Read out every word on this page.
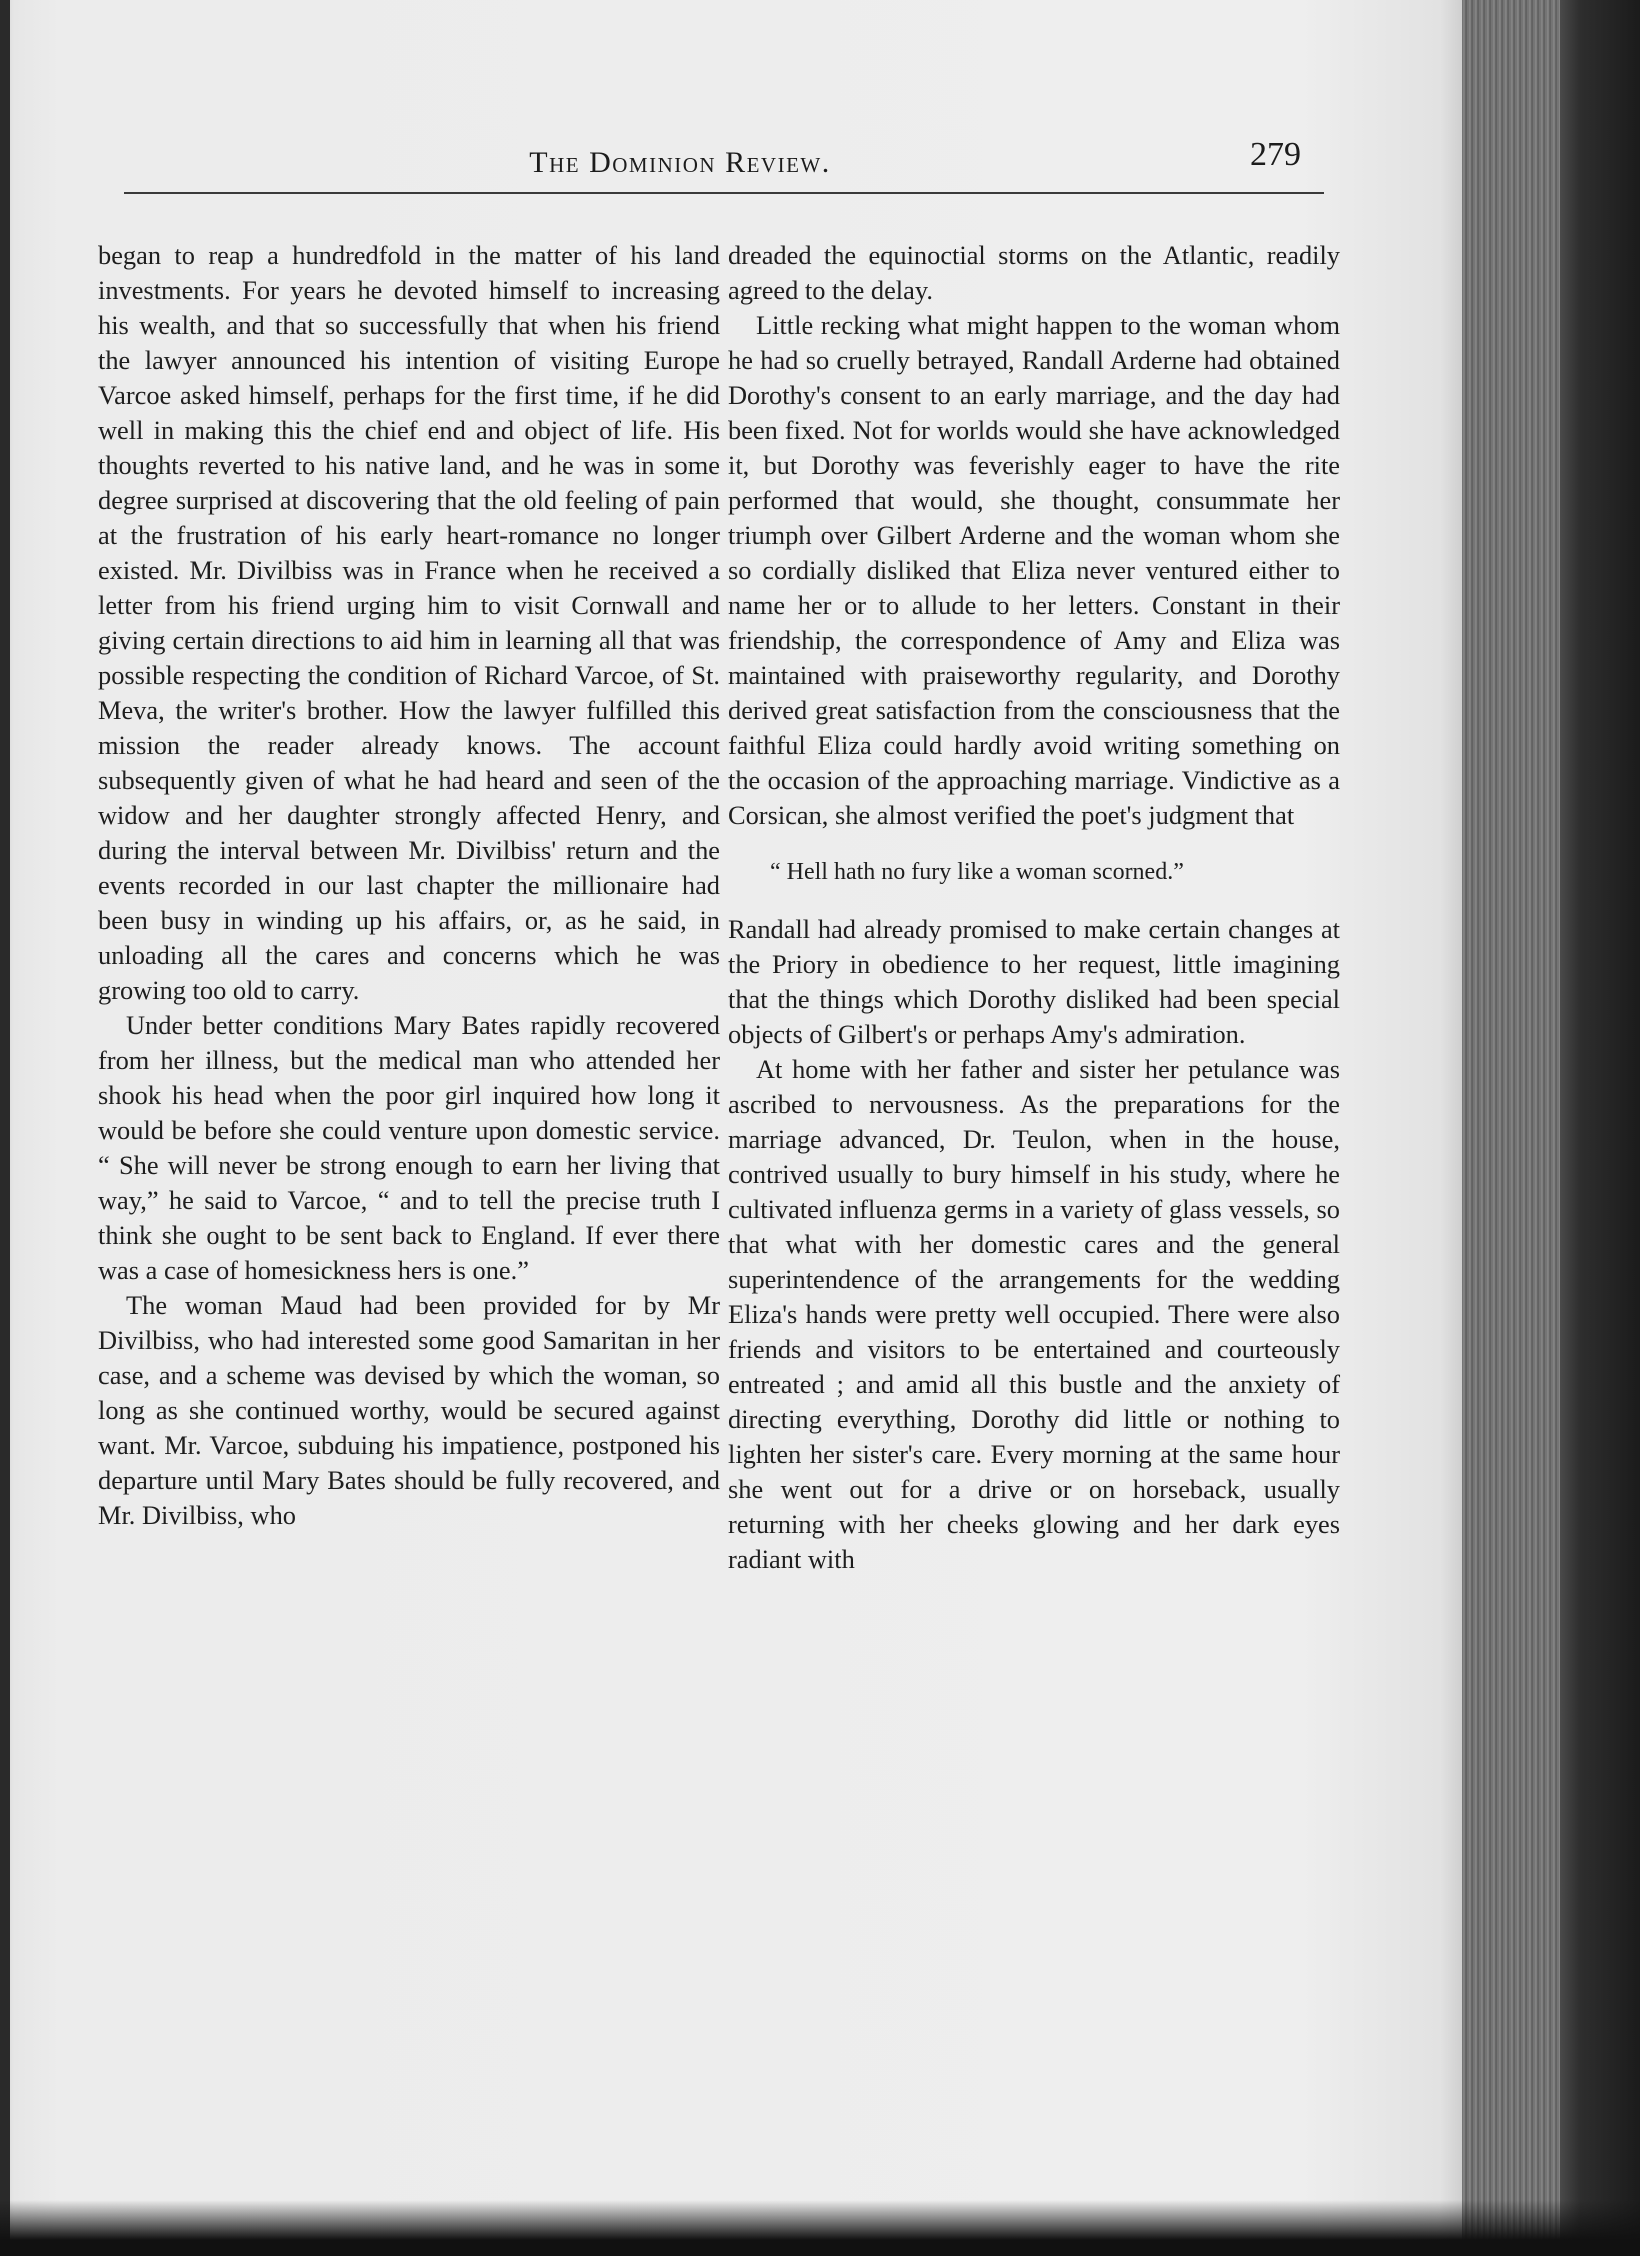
The Dominion Review.	279

began to reap a hundredfold in the matter of his land investments. For years he devoted himself to increasing his wealth, and that so successfully that when his friend the lawyer announced his intention of visiting Europe Varcoe asked himself, perhaps for the first time, if he did well in making this the chief end and object of life. His thoughts reverted to his native land, and he was in some degree surprised at discovering that the old feeling of pain at the frustration of his early heart-romance no longer existed. Mr. Divilbiss was in France when he received a letter from his friend urging him to visit Cornwall and giving certain directions to aid him in learning all that was possible respecting the condition of Richard Varcoe, of St. Meva, the writer's brother. How the lawyer fulfilled this mission the reader already knows. The account subsequently given of what he had heard and seen of the widow and her daughter strongly affected Henry, and during the interval between Mr. Divilbiss' return and the events recorded in our last chapter the millionaire had been busy in winding up his affairs, or, as he said, in unloading all the cares and concerns which he was growing too old to carry.

Under better conditions Mary Bates rapidly recovered from her illness, but the medical man who attended her shook his head when the poor girl inquired how long it would be before she could venture upon domestic service. “ She will never be strong enough to earn her living that way,” he said to Varcoe, “ and to tell the precise truth I think she ought to be sent back to England. If ever there was a case of homesickness hers is one.”

The woman Maud had been provided for by Mr Divilbiss, who had interested some good Samaritan in her case, and a scheme was devised by which the woman, so long as she continued worthy, would be secured against want. Mr. Varcoe, subduing his impatience, postponed his departure until Mary Bates should be fully recovered, and Mr. Divilbiss, who

dreaded the equinoctial storms on the Atlantic, readily agreed to the delay.

Little recking what might happen to the woman whom he had so cruelly betrayed, Randall Arderne had obtained Dorothy's consent to an early marriage, and the day had been fixed. Not for worlds would she have acknowledged it, but Dorothy was feverishly eager to have the rite performed that would, she thought, consummate her triumph over Gilbert Arderne and the woman whom she so cordially disliked that Eliza never ventured either to name her or to allude to her letters. Constant in their friendship, the correspondence of Amy and Eliza was maintained with praiseworthy regularity, and Dorothy derived great satisfaction from the consciousness that the faithful Eliza could hardly avoid writing something on the occasion of the approaching marriage. Vindictive as a Corsican, she almost verified the poet's judgment that

“ Hell hath no fury like a woman scorned.”

Randall had already promised to make certain changes at the Priory in obedience to her request, little imagining that the things which Dorothy disliked had been special objects of Gilbert's or perhaps Amy's admiration.

At home with her father and sister her petulance was ascribed to nervousness. As the preparations for the marriage advanced, Dr. Teulon, when in the house, contrived usually to bury himself in his study, where he cultivated influenza germs in a variety of glass vessels, so that what with her domestic cares and the general superintendence of the arrangements for the wedding Eliza's hands were pretty well occupied. There were also friends and visitors to be entertained and courteously entreated ; and amid all this bustle and the anxiety of directing everything, Dorothy did little or nothing to lighten her sister's care. Every morning at the same hour she went out for a drive or on horseback, usually returning with her cheeks glowing and her dark eyes radiant with
